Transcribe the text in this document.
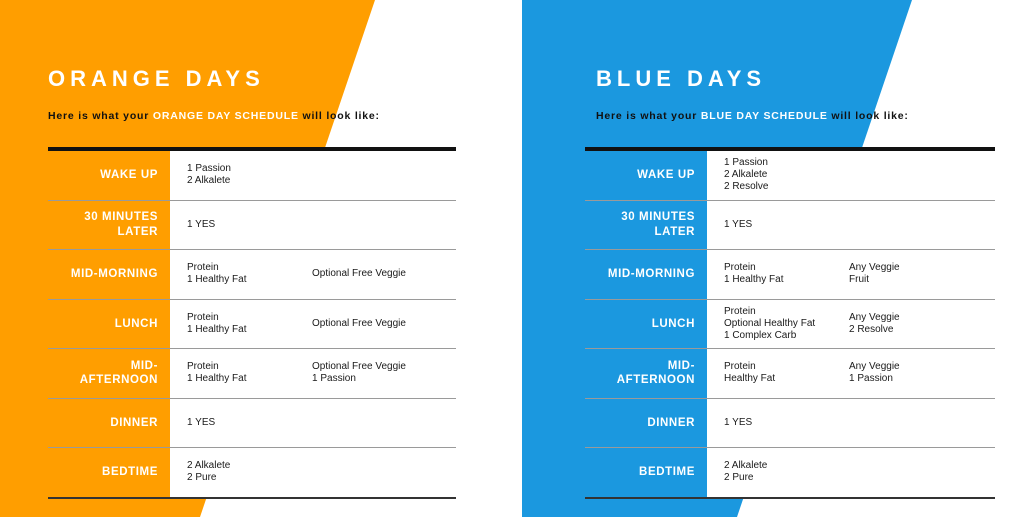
ORANGE DAYS

Here is what your ORANGE DAY SCHEDULE will look like:

WAKE UP
1 Passion
2 Alkalete
30 MINUTES
LATER
1 YES
MID-MORNING
Protein
1 Healthy Fat
Optional Free Veggie
LUNCH
Protein
1 Healthy Fat
Optional Free Veggie
MID-
AFTERNOON
Protein
1 Healthy Fat
Optional Free Veggie
1 Passion
DINNER	1 YES
BEDTIME
2 Alkalete
2 Pure
BLUE DAYS

Here is what your BLUE DAY SCHEDULE will look like:

WAKE UP
1 Passion
2 Alkalete
2 Resolve
30 MINUTES
LATER
1 YES
MID-MORNING
Protein
1 Healthy Fat
Any Veggie
Fruit
LUNCH
Protein
Optional Healthy Fat
1 Complex Carb
Any Veggie
2 Resolve
MID-
AFTERNOON
Protein
Healthy Fat
Any Veggie
1 Passion
DINNER	1 YES
BEDTIME
2 Alkalete
2 Pure
